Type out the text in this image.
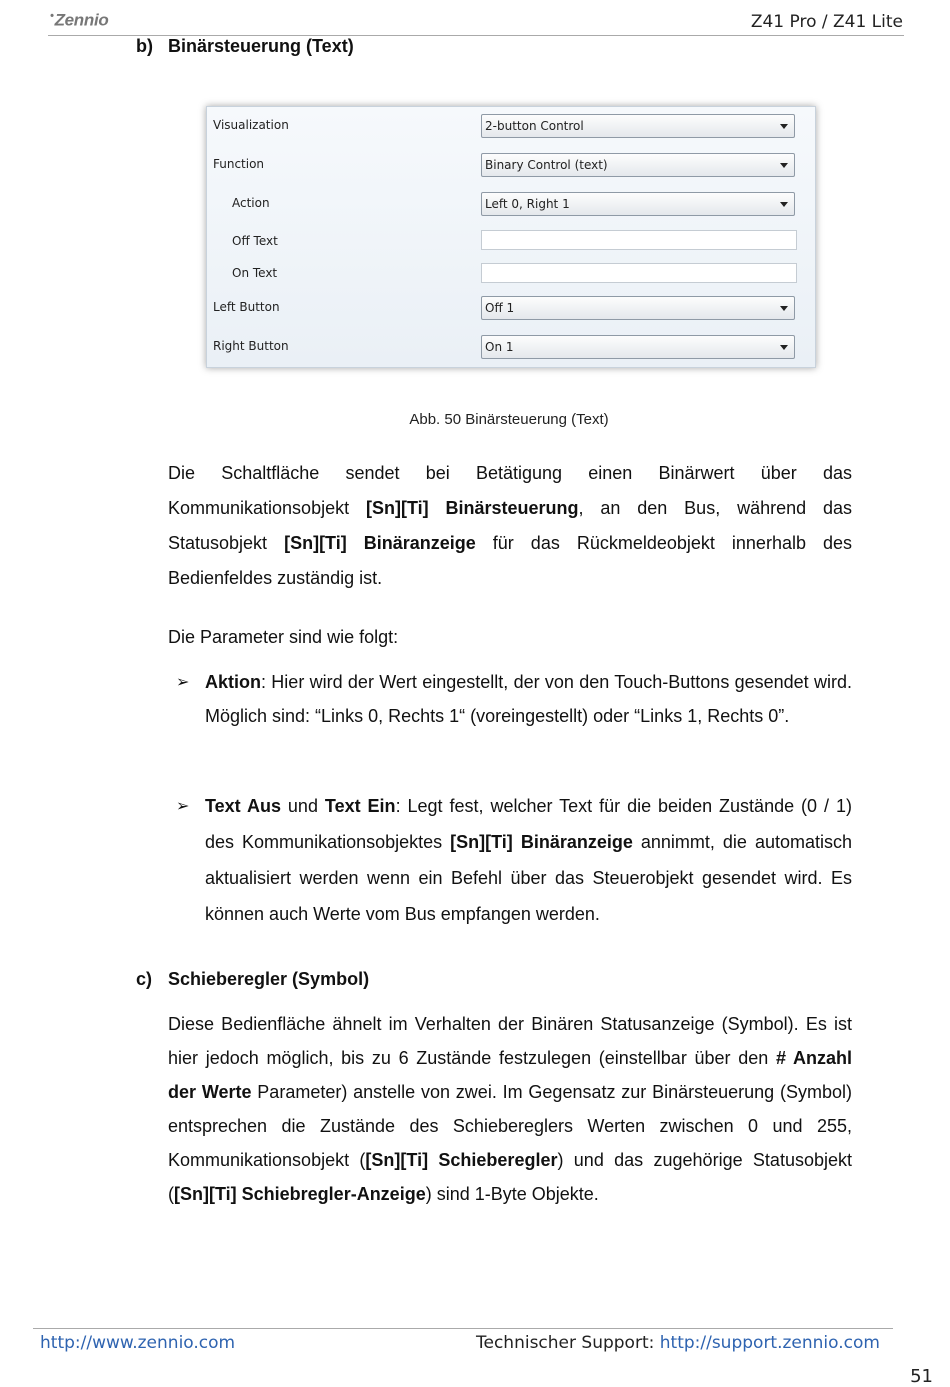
•Zennio	Z41 Pro / Z41 Lite
b) Binärsteuerung (Text)
Visualization	2-button Control
Function	Binary Control (text)
Action	Left 0, Right 1
Off Text
On Text
Left Button	Off 1
Right Button	On 1
Abb. 50 Binärsteuerung (Text)
Die Schaltfläche sendet bei Betätigung einen Binärwert über das Kommunikationsobjekt [Sn][Ti] Binärsteuerung, an den Bus, während das Statusobjekt [Sn][Ti] Binäranzeige für das Rückmeldeobjekt innerhalb des Bedienfeldes zuständig ist.
Die Parameter sind wie folgt:
➢ Aktion: Hier wird der Wert eingestellt, der von den Touch-Buttons gesendet wird. Möglich sind: “Links 0, Rechts 1“ (voreingestellt) oder “Links 1, Rechts 0”.
➢ Text Aus und Text Ein: Legt fest, welcher Text für die beiden Zustände (0 / 1) des Kommunikationsobjektes [Sn][Ti] Binäranzeige annimmt, die automatisch aktualisiert werden wenn ein Befehl über das Steuerobjekt gesendet wird. Es können auch Werte vom Bus empfangen werden.
c) Schieberegler (Symbol)
Diese Bedienfläche ähnelt im Verhalten der Binären Statusanzeige (Symbol). Es ist hier jedoch möglich, bis zu 6 Zustände festzulegen (einstellbar über den # Anzahl der Werte Parameter) anstelle von zwei. Im Gegensatz zur Binärsteuerung (Symbol) entsprechen die Zustände des Schiebereglers Werten zwischen 0 und 255, Kommunikationsobjekt ([Sn][Ti] Schieberegler) und das zugehörige Statusobjekt ([Sn][Ti] Schiebregler-Anzeige) sind 1-Byte Objekte.
http://www.zennio.com	Technischer Support: http://support.zennio.com
51
